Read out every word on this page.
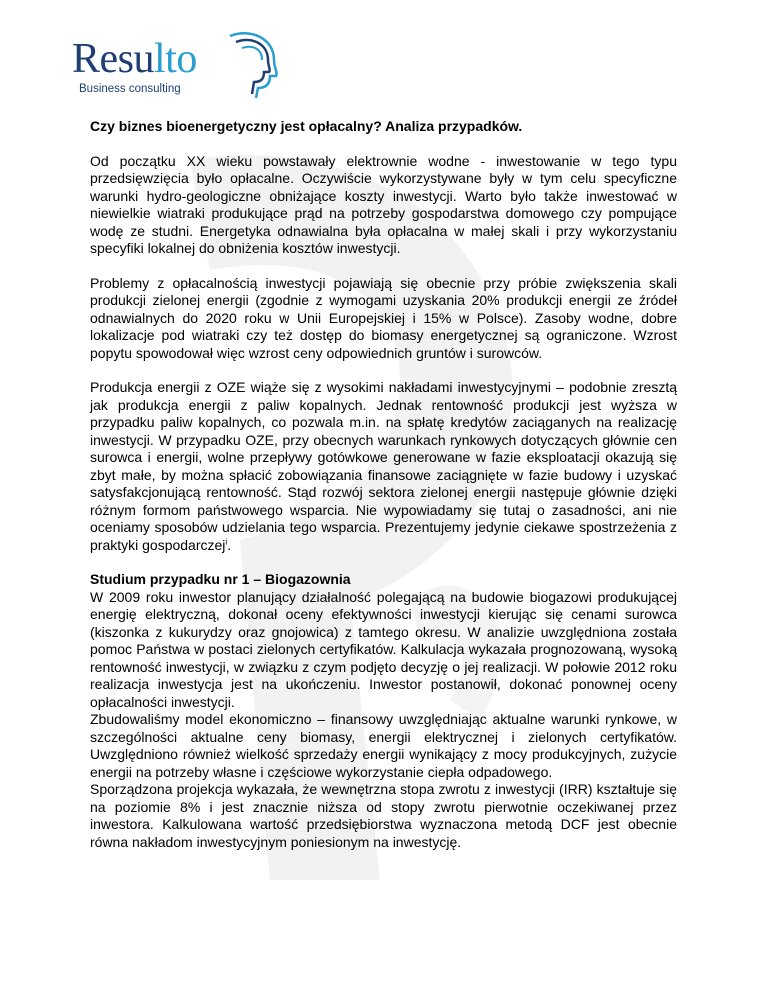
Resulto
Business consulting
Czy biznes bioenergetyczny jest opłacalny? Analiza przypadków.

Od początku XX wieku powstawały elektrownie wodne - inwestowanie w tego typu przedsięwzięcia było opłacalne. Oczywiście wykorzystywane były w tym celu specyficzne warunki hydro-geologiczne obniżające koszty inwestycji. Warto było także inwestować w niewielkie wiatraki produkujące prąd na potrzeby gospodarstwa domowego czy pompujące wodę ze studni. Energetyka odnawialna była opłacalna w małej skali i przy wykorzystaniu specyfiki lokalnej do obniżenia kosztów inwestycji.

Problemy z opłacalnością inwestycji pojawiają się obecnie przy próbie zwiększenia skali produkcji zielonej energii (zgodnie z wymogami uzyskania 20% produkcji energii ze źródeł odnawialnych do 2020 roku w Unii Europejskiej i 15% w Polsce). Zasoby wodne, dobre lokalizacje pod wiatraki czy też dostęp do biomasy energetycznej są ograniczone. Wzrost popytu spowodował więc wzrost ceny odpowiednich gruntów i surowców.

Produkcja energii z OZE wiąże się z wysokimi nakładami inwestycyjnymi – podobnie zresztą jak produkcja energii z paliw kopalnych. Jednak rentowność produkcji jest wyższa w przypadku paliw kopalnych, co pozwala m.in. na spłatę kredytów zaciąganych na realizację inwestycji. W przypadku OZE, przy obecnych warunkach rynkowych dotyczących głównie cen surowca i energii, wolne przepływy gotówkowe generowane w fazie eksploatacji okazują się zbyt małe, by można spłacić zobowiązania finansowe zaciągnięte w fazie budowy i uzyskać satysfakcjonującą rentowność. Stąd rozwój sektora zielonej energii następuje głównie dzięki różnym formom państwowego wsparcia. Nie wypowiadamy się tutaj o zasadności, ani nie oceniamy sposobów udzielania tego wsparcia. Prezentujemy jedynie ciekawe spostrzeżenia z praktyki gospodarczej$^i$.

Studium przypadku nr 1 – Biogazownia

W 2009 roku inwestor planujący działalność polegającą na budowie biogazowi produkującej energię elektryczną, dokonał oceny efektywności inwestycji kierując się cenami surowca (kiszonka z kukurydzy oraz gnojowica) z tamtego okresu. W analizie uwzględniona została pomoc Państwa w postaci zielonych certyfikatów. Kalkulacja wykazała prognozowaną, wysoką rentowność inwestycji, w związku z czym podjęto decyzję o jej realizacji. W połowie 2012 roku realizacja inwestycja jest na ukończeniu. Inwestor postanowił, dokonać ponownej oceny opłacalności inwestycji.

Zbudowaliśmy model ekonomiczno – finansowy uwzględniając aktualne warunki rynkowe, w szczególności aktualne ceny biomasy, energii elektrycznej i zielonych certyfikatów. Uwzględniono również wielkość sprzedaży energii wynikający z mocy produkcyjnych, zużycie energii na potrzeby własne i częściowe wykorzystanie ciepła odpadowego.

Sporządzona projekcja wykazała, że wewnętrzna stopa zwrotu z inwestycji (IRR) kształtuje się na poziomie 8% i jest znacznie niższa od stopy zwrotu pierwotnie oczekiwanej przez inwestora. Kalkulowana wartość przedsiębiorstwa wyznaczona metodą DCF jest obecnie równa nakładom inwestycyjnym poniesionym na inwestycję.
